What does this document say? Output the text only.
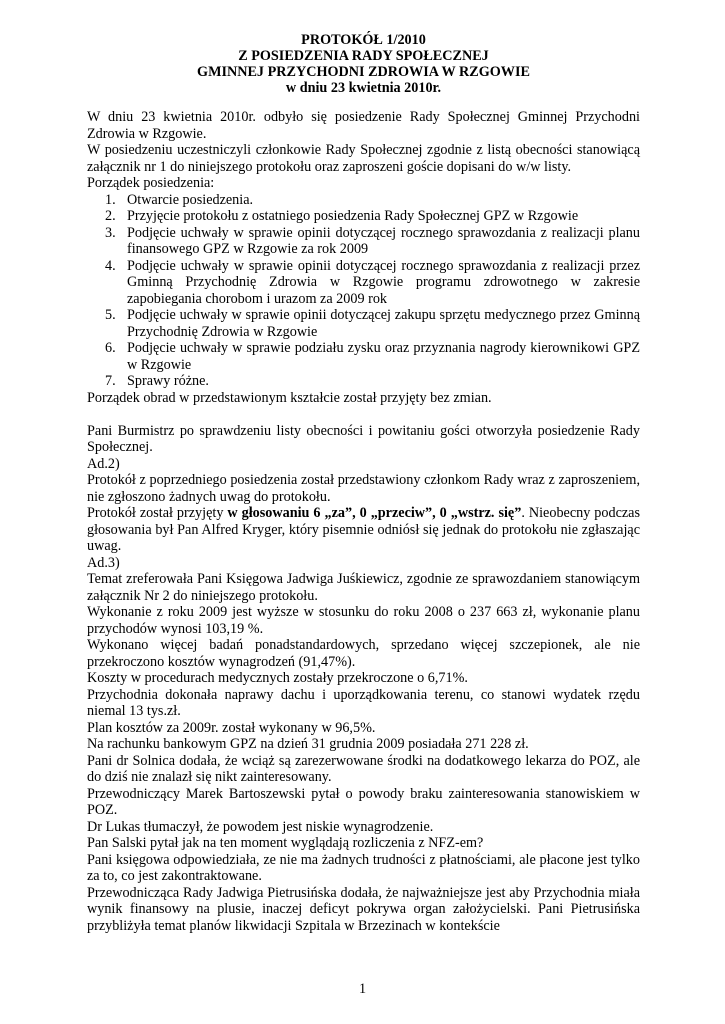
PROTOKÓŁ 1/2010
Z POSIEDZENIA RADY SPOŁECZNEJ
GMINNEJ PRZYCHODNI ZDROWIA W RZGOWIE
w dniu 23 kwietnia 2010r.

W dniu 23 kwietnia 2010r. odbyło się posiedzenie Rady Społecznej Gminnej Przychodni Zdrowia w Rzgowie.

W posiedzeniu uczestniczyli członkowie Rady Społecznej zgodnie z listą obecności stanowiącą załącznik nr 1 do niniejszego protokołu oraz zaproszeni goście dopisani do w/w listy.

Porządek posiedzenia:

1. Otwarcie posiedzenia.
2. Przyjęcie protokołu z ostatniego posiedzenia Rady Społecznej GPZ w Rzgowie
3. Podjęcie uchwały w sprawie opinii dotyczącej rocznego sprawozdania z realizacji planu finansowego GPZ w Rzgowie za rok 2009
4. Podjęcie uchwały w sprawie opinii dotyczącej rocznego sprawozdania z realizacji przez Gminną Przychodnię Zdrowia w Rzgowie programu zdrowotnego w zakresie zapobiegania chorobom i urazom za 2009 rok
5. Podjęcie uchwały w sprawie opinii dotyczącej zakupu sprzętu medycznego przez Gminną Przychodnię Zdrowia w Rzgowie
6. Podjęcie uchwały w sprawie podziału zysku oraz przyznania nagrody kierownikowi GPZ w Rzgowie
7. Sprawy różne.

Porządek obrad w przedstawionym kształcie został przyjęty bez zmian.

Pani Burmistrz po sprawdzeniu listy obecności i powitaniu gości otworzyła posiedzenie Rady Społecznej.

Ad.2)

Protokół z poprzedniego posiedzenia został przedstawiony członkom Rady wraz z zaproszeniem, nie zgłoszono żadnych uwag do protokołu.

Protokół został przyjęty w głosowaniu 6 „za”, 0 „przeciw”, 0 „wstrz. się”. Nieobecny podczas głosowania był Pan Alfred Kryger, który pisemnie odniósł się jednak do protokołu nie zgłaszając uwag.

Ad.3)

Temat zreferowała Pani Księgowa Jadwiga Juśkiewicz, zgodnie ze sprawozdaniem stanowiącym załącznik Nr 2 do niniejszego protokołu.

Wykonanie z roku 2009 jest wyższe w stosunku do roku 2008 o 237 663 zł, wykonanie planu przychodów wynosi 103,19 %.

Wykonano więcej badań ponadstandardowych, sprzedano więcej szczepionek, ale nie przekroczono kosztów wynagrodzeń (91,47%).

Koszty w procedurach medycznych zostały przekroczone o 6,71%.

Przychodnia dokonała naprawy dachu i uporządkowania terenu, co stanowi wydatek rzędu niemal 13 tys.zł.

Plan kosztów za 2009r. został wykonany w 96,5%.

Na rachunku bankowym GPZ na dzień 31 grudnia 2009 posiadała 271 228 zł.

Pani dr Solnica dodała, że wciąż są zarezerwowane środki na dodatkowego lekarza do POZ, ale do dziś nie znalazł się nikt zainteresowany.

Przewodniczący Marek Bartoszewski pytał o powody braku zainteresowania stanowiskiem w POZ.

Dr Lukas tłumaczył, że powodem jest niskie wynagrodzenie.

Pan Salski pytał jak na ten moment wyglądają rozliczenia z NFZ-em?

Pani księgowa odpowiedziała, ze nie ma żadnych trudności z płatnościami, ale płacone jest tylko za to, co jest zakontraktowane.

Przewodnicząca Rady Jadwiga Pietrusińska dodała, że najważniejsze jest aby Przychodnia miała wynik finansowy na plusie, inaczej deficyt pokrywa organ założycielski. Pani Pietrusińska przybliżyła temat planów likwidacji Szpitala w Brzezinach w kontekście

1
